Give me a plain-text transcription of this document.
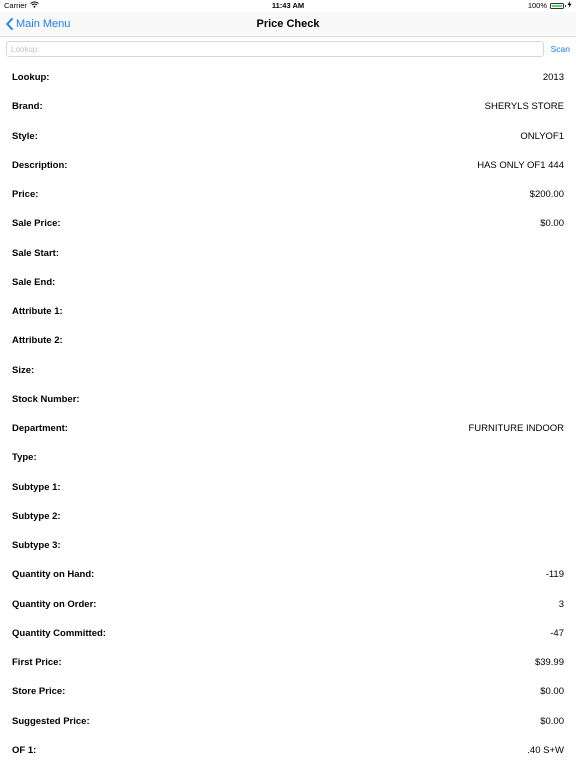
Carrier	11:43 AM	100%
Main Menu	Price Check
Lookup:
Scan
Lookup:	2013
Brand:	SHERYLS STORE
Style:	ONLYOF1
Description:	HAS ONLY OF1 444
Price:	$200.00
Sale Price:	$0.00
Sale Start:
Sale End:
Attribute 1:
Attribute 2:
Size:
Stock Number:
Department:	FURNITURE INDOOR
Type:
Subtype 1:
Subtype 2:
Subtype 3:
Quantity on Hand:	-119
Quantity on Order:	3
Quantity Committed:	-47
First Price:	$39.99
Store Price:	$0.00
Suggested Price:	$0.00
OF 1:	.40 S+W
